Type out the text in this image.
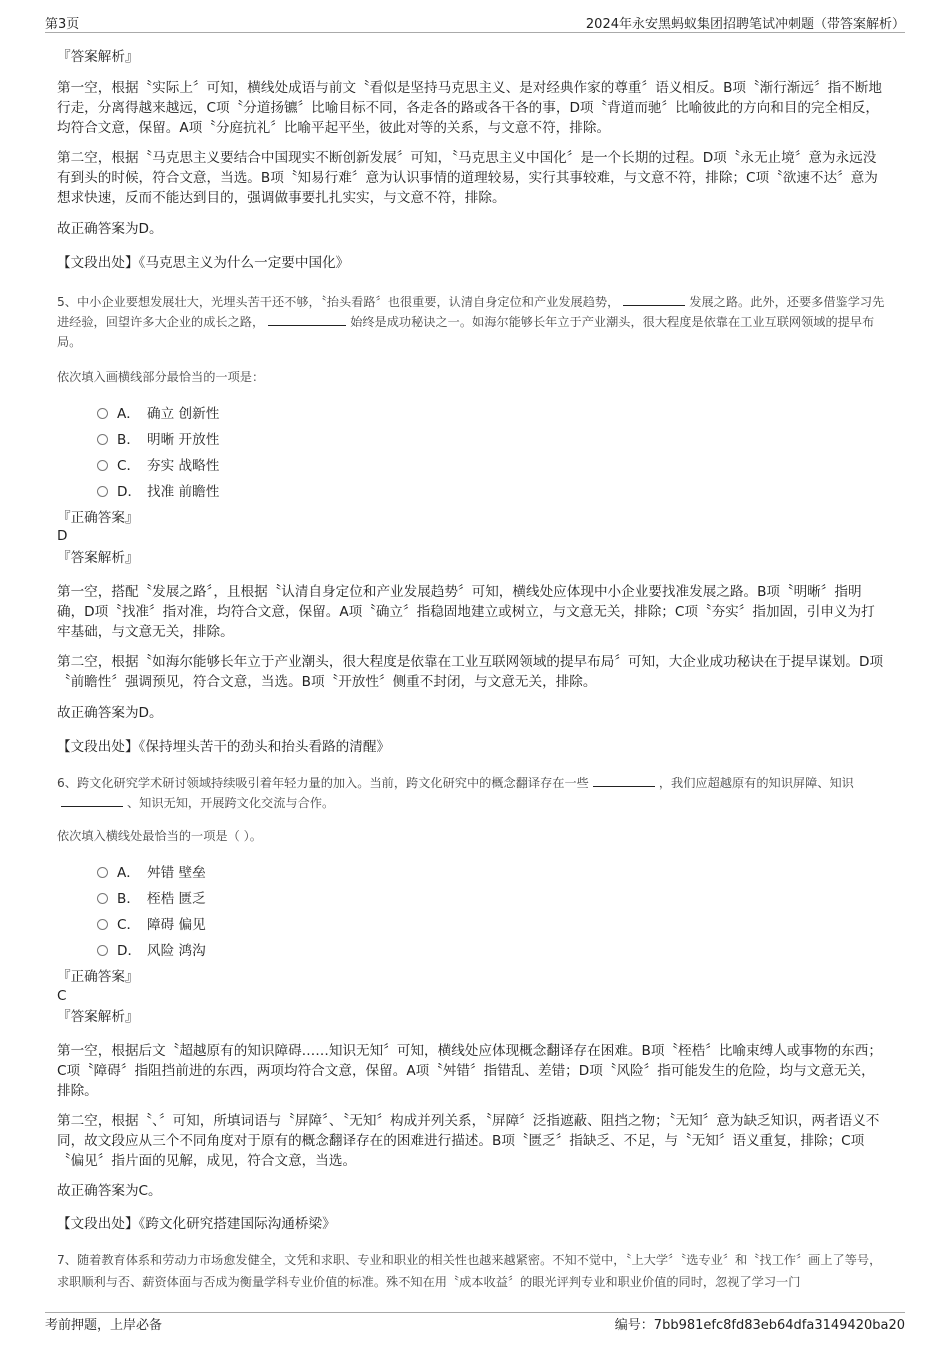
第3页	2024年永安黑蚂蚁集团招聘笔试冲刺题（带答案解析）
『答案解析』
第一空，根据〝实际上〞可知，横线处成语与前文〝看似是坚持马克思主义、是对经典作家的尊重〞语义相反。B项〝渐行渐远〞指不断地行走，分离得越来越远，C项〝分道扬镳〞比喻目标不同，各走各的路或各干各的事，D项〝背道而驰〞比喻彼此的方向和目的完全相反，均符合文意，保留。A项〝分庭抗礼〞比喻平起平坐，彼此对等的关系，与文意不符，排除。
第二空，根据〝马克思主义要结合中国现实不断创新发展〞可知，〝马克思主义中国化〞是一个长期的过程。D项〝永无止境〞意为永远没有到头的时候，符合文意，当选。B项〝知易行难〞意为认识事情的道理较易，实行其事较难，与文意不符，排除；C项〝欲速不达〞意为想求快速，反而不能达到目的，强调做事要扎扎实实，与文意不符，排除。
故正确答案为D。
【文段出处】《马克思主义为什么一定要中国化》
5、中小企业要想发展壮大，光埋头苦干还不够，〝抬头看路〞也很重要，认清自身定位和产业发展趋势，	发展之路。此外，还要多借鉴学习先进经验，回望许多大企业的成长之路，	始终是成功秘诀之一。如海尔能够长年立于产业潮头，很大程度是依靠在工业互联网领域的提早布局。
依次填入画横线部分最恰当的一项是：
A． 确立 创新性
B． 明晰 开放性
C． 夯实 战略性
D． 找准 前瞻性
『正确答案』
D
『答案解析』
第一空，搭配〝发展之路〞，且根据〝认清自身定位和产业发展趋势〞可知，横线处应体现中小企业要找准发展之路。B项〝明晰〞指明确，D项〝找准〞指对准，均符合文意，保留。A项〝确立〞指稳固地建立或树立，与文意无关，排除；C项〝夯实〞指加固，引申义为打牢基础，与文意无关，排除。
第二空，根据〝如海尔能够长年立于产业潮头，很大程度是依靠在工业互联网领域的提早布局〞可知，大企业成功秘诀在于提早谋划。D项〝前瞻性〞强调预见，符合文意，当选。B项〝开放性〞侧重不封闭，与文意无关，排除。
故正确答案为D。
【文段出处】《保持埋头苦干的劲头和抬头看路的清醒》
6、跨文化研究学术研讨领域持续吸引着年轻力量的加入。当前，跨文化研究中的概念翻译存在一些	，我们应超越原有的知识屏障、知识、知识无知，开展跨文化交流与合作。
依次填入横线处最恰当的一项是（ ）。
A． 舛错 壁垒
B． 桎梏 匮乏
C． 障碍 偏见
D． 风险 鸿沟
『正确答案』
C
『答案解析』
第一空，根据后文〝超越原有的知识障碍……知识无知〞可知，横线处应体现概念翻译存在困难。B项〝桎梏〞比喻束缚人或事物的东西；C项〝障碍〞指阻挡前进的东西，两项均符合文意，保留。A项〝舛错〞指错乱、差错；D项〝风险〞指可能发生的危险，均与文意无关，排除。
第二空，根据〝、〞可知，所填词语与〝屏障〞、〝无知〞构成并列关系，〝屏障〞泛指遮蔽、阻挡之物；〝无知〞意为缺乏知识，两者语义不同，故文段应从三个不同角度对于原有的概念翻译存在的困难进行描述。B项〝匮乏〞指缺乏、不足，与〝无知〞语义重复，排除；C项〝偏见〞指片面的见解，成见，符合文意，当选。
故正确答案为C。
【文段出处】《跨文化研究搭建国际沟通桥梁》
7、随着教育体系和劳动力市场愈发健全，文凭和求职、专业和职业的相关性也越来越紧密。不知不觉中，〝上大学〞〝选专业〞和〝找工作〞画上了等号，求职顺利与否、薪资体面与否成为衡量学科专业价值的标准。殊不知在用〝成本收益〞的眼光评判专业和职业价值的同时，忽视了学习一门
考前押题，上岸必备	编号：7bb981efc8fd83eb64dfa3149420ba20
